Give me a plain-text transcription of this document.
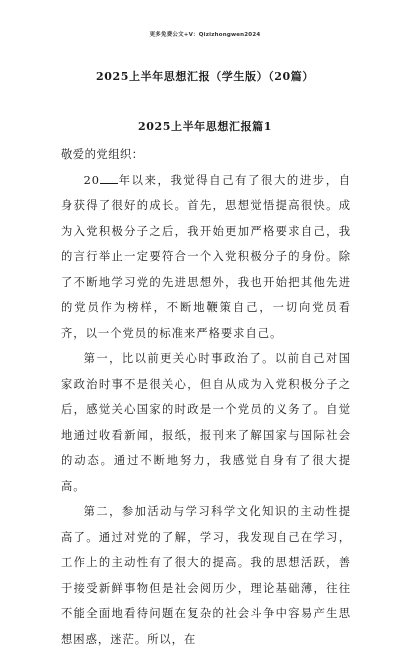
更多免费公文+V：Qizizhongwen2024
2025上半年思想汇报（学生版）（20篇）
2025上半年思想汇报篇1

敬爱的党组织：

20 年以来，我觉得自己有了很大的进步，自身获得了很好的成长。首先，思想觉悟提高很快。成为入党积极分子之后，我开始更加严格要求自己，我的言行举止一定要符合一个入党积极分子的身份。除了不断地学习党的先进思想外，我也开始把其他先进的党员作为榜样，不断地鞭策自己，一切向党员看齐，以一个党员的标准来严格要求自己。

第一，比以前更关心时事政治了。以前自己对国家政治时事不是很关心，但自从成为入党积极分子之后，感觉关心国家的时政是一个党员的义务了。自觉地通过收看新闻，报纸，报刊来了解国家与国际社会的动态。通过不断地努力，我感觉自身有了很大提高。

第二，参加活动与学习科学文化知识的主动性提高了。通过对党的了解，学习，我发现自己在学习，工作上的主动性有了很大的提高。我的思想活跃，善于接受新鲜事物但是社会阅历少，理论基础薄，往往不能全面地看待问题在复杂的社会斗争中容易产生思想困惑，迷茫。所以，在
